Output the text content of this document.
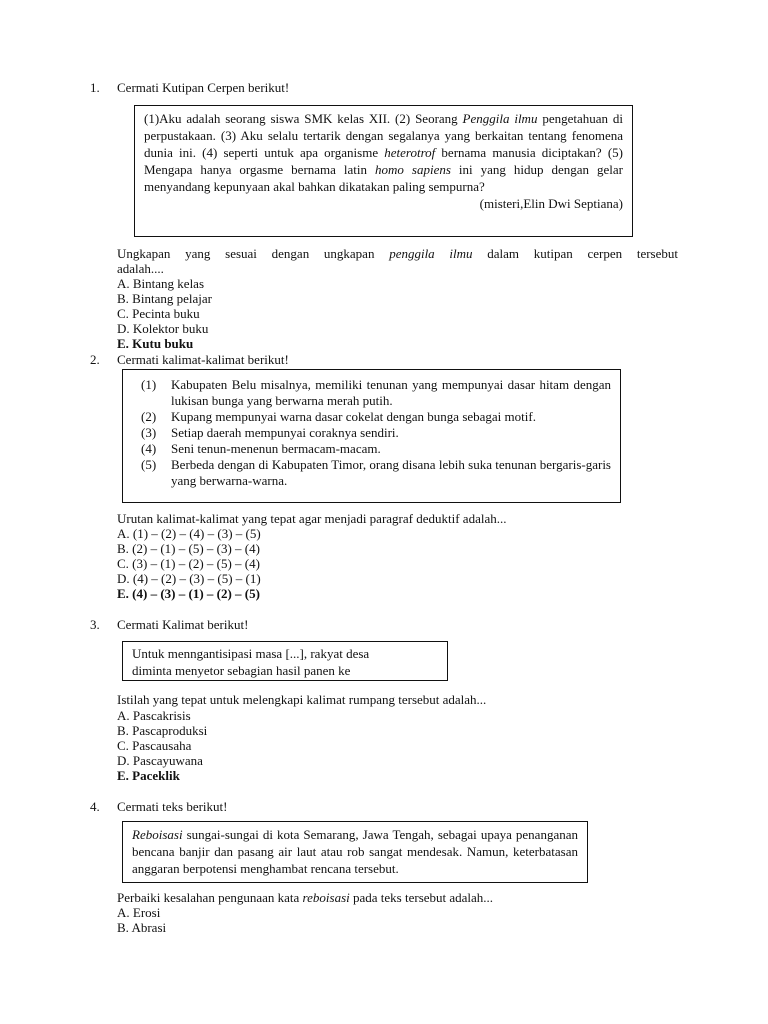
1.	Cermati Kutipan Cerpen berikut!

(1)Aku adalah seorang siswa SMK kelas XII. (2) Seorang Penggila ilmu pengetahuan di perpustakaan. (3) Aku selalu tertarik dengan segalanya yang berkaitan tentang fenomena dunia ini. (4) seperti untuk apa organisme heterotrof bernama manusia diciptakan? (5) Mengapa hanya orgasme bernama latin homo sapiens ini yang hidup dengan gelar menyandang kepunyaan akal bahkan dikatakan paling sempurna?

(misteri,Elin Dwi Septiana)

Ungkapan yang sesuai dengan ungkapan penggila ilmu dalam kutipan cerpen tersebut
adalah....
A. Bintang kelas
B. Bintang pelajar
C. Pecinta buku
D. Kolektor buku
E. Kutu buku
2.	Cermati kalimat-kalimat berikut!
(1) Kabupaten Belu misalnya, memiliki tenunan yang mempunyai dasar hitam dengan lukisan bunga yang berwarna merah putih.
(2) Kupang mempunyai warna dasar cokelat dengan bunga sebagai motif.
(3) Setiap daerah mempunyai coraknya sendiri.
(4) Seni tenun-menenun bermacam-macam.
(5) Berbeda dengan di Kabupaten Timor, orang disana lebih suka tenunan bergaris-garis yang berwarna-warna.
Urutan kalimat-kalimat yang tepat agar menjadi paragraf deduktif adalah...
A. (1) – (2) – (4) – (3) – (5)
B. (2) – (1) – (5) – (3) – (4)
C. (3) – (1) – (2) – (5) – (4)
D. (4) – (2) – (3) – (5) – (1)
E. (4) – (3) – (1) – (2) – (5)
3.	Cermati Kalimat berikut!

Untuk menngantisipasi masa [...], rakyat desa

diminta menyetor sebagian hasil panen ke

Istilah yang tepat untuk melengkapi kalimat rumpang tersebut adalah...
A. Pascakrisis
B. Pascaproduksi
C. Pascausaha
D. Pascayuwana
E. Paceklik
4.	Cermati teks berikut!

Reboisasi sungai-sungai di kota Semarang, Jawa Tengah, sebagai upaya penanganan bencana banjir dan pasang air laut atau rob sangat mendesak. Namun, keterbatasan anggaran berpotensi menghambat rencana tersebut.

Perbaiki kesalahan pengunaan kata reboisasi pada teks tersebut adalah...
A. Erosi
B. Abrasi
